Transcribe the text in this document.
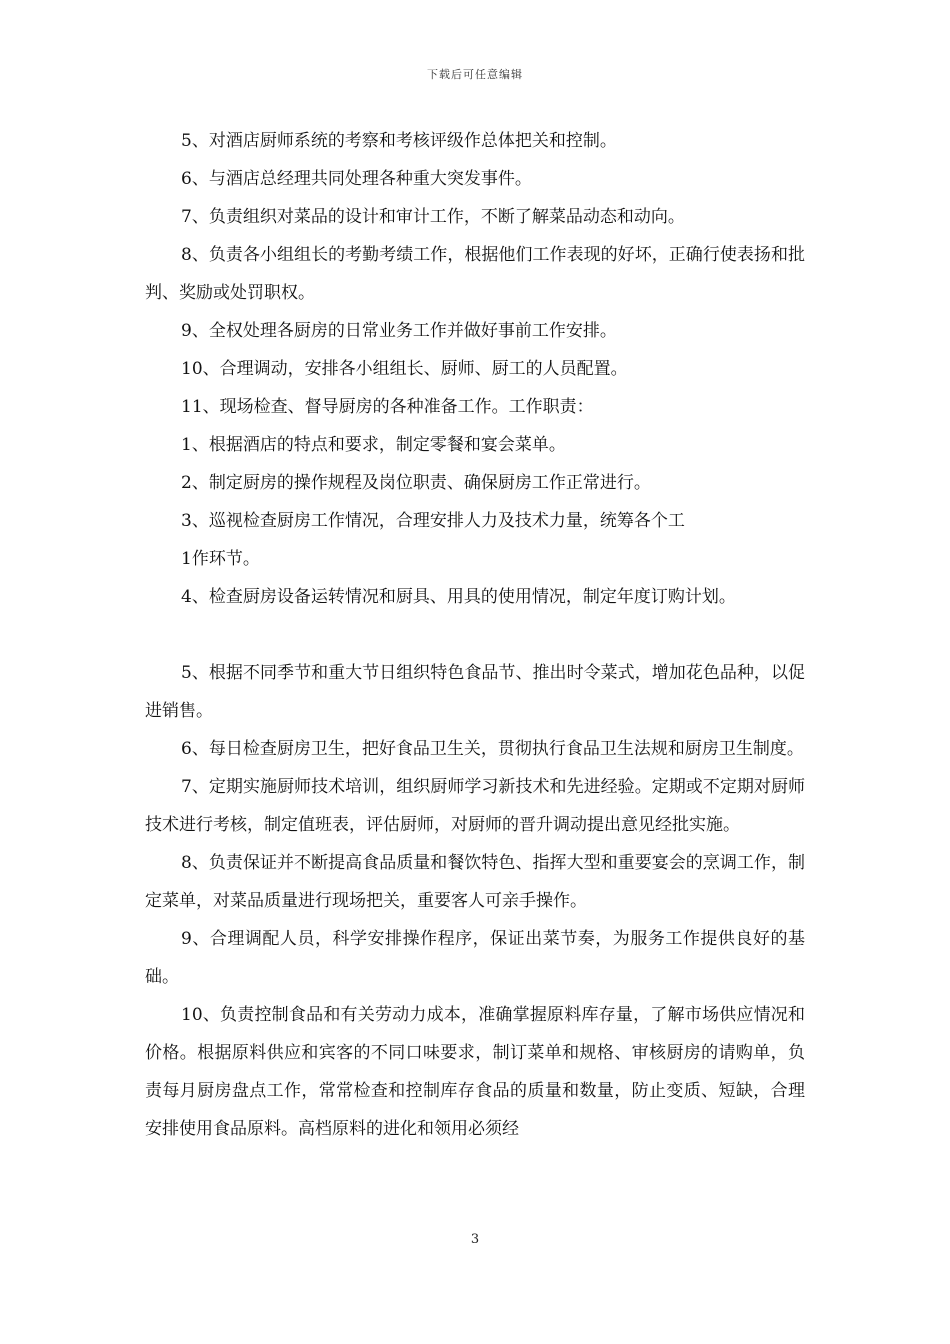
下载后可任意编辑

5、对酒店厨师系统的考察和考核评级作总体把关和控制。

6、与酒店总经理共同处理各种重大突发事件。

7、负责组织对菜品的设计和审计工作，不断了解菜品动态和动向。

8、负责各小组组长的考勤考绩工作，根据他们工作表现的好坏，正确行使表扬和批判、奖励或处罚职权。

9、全权处理各厨房的日常业务工作并做好事前工作安排。

10、合理调动，安排各小组组长、厨师、厨工的人员配置。

11、现场检查、督导厨房的各种准备工作。工作职责：

1、根据酒店的特点和要求，制定零餐和宴会菜单。

2、制定厨房的操作规程及岗位职责、确保厨房工作正常进行。

3、巡视检查厨房工作情况，合理安排人力及技术力量，统筹各个工

1作环节。

4、检查厨房设备运转情况和厨具、用具的使用情况，制定年度订购计划。

5、根据不同季节和重大节日组织特色食品节、推出时令菜式，增加花色品种，以促进销售。

6、每日检查厨房卫生，把好食品卫生关，贯彻执行食品卫生法规和厨房卫生制度。

7、定期实施厨师技术培训，组织厨师学习新技术和先进经验。定期或不定期对厨师技术进行考核，制定值班表，评估厨师，对厨师的晋升调动提出意见经批实施。

8、负责保证并不断提高食品质量和餐饮特色、指挥大型和重要宴会的烹调工作，制定菜单，对菜品质量进行现场把关，重要客人可亲手操作。

9、合理调配人员，科学安排操作程序，保证出菜节奏，为服务工作提供良好的基础。

10、负责控制食品和有关劳动力成本，准确掌握原料库存量，了解市场供应情况和价格。根据原料供应和宾客的不同口味要求，制订菜单和规格、审核厨房的请购单，负责每月厨房盘点工作，常常检查和控制库存食品的质量和数量，防止变质、短缺，合理安排使用食品原料。高档原料的进化和领用必须经

3
